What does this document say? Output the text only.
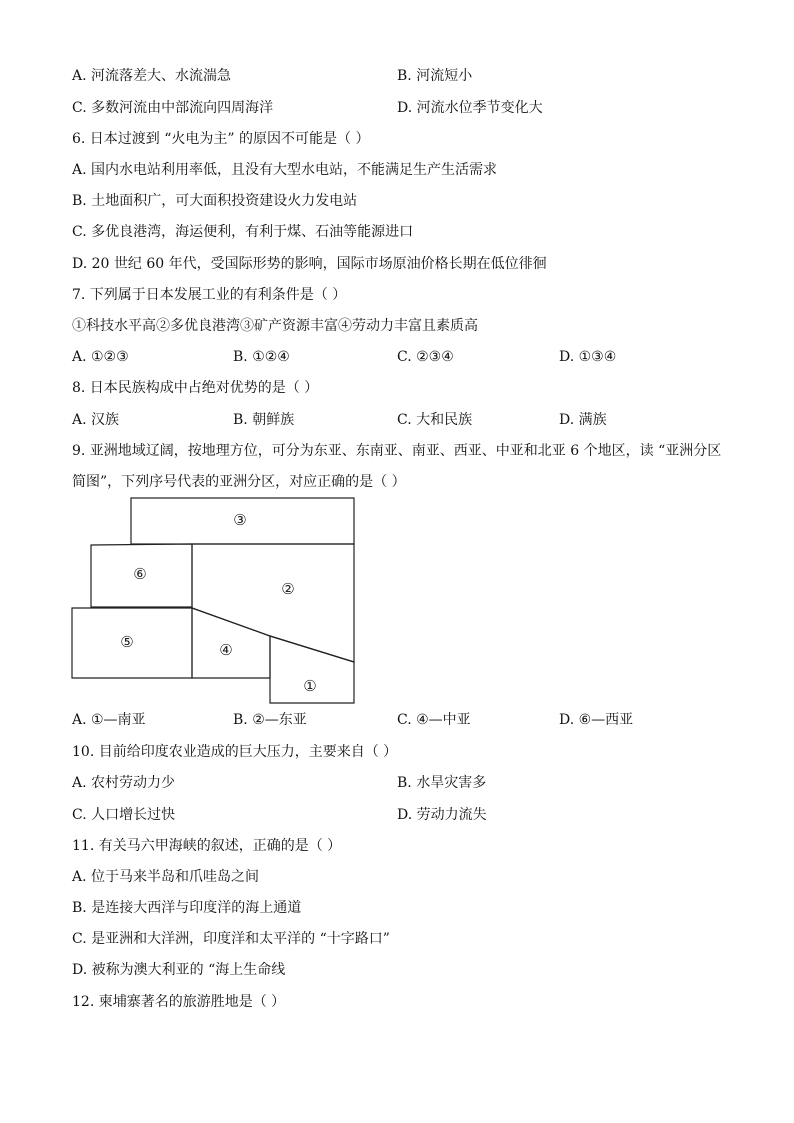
A. 河流落差大、水流湍急	B. 河流短小
C. 多数河流由中部流向四周海洋	D. 河流水位季节变化大
6. 日本过渡到 “火电为主” 的原因不可能是（ ）
A. 国内水电站利用率低，且没有大型水电站，不能满足生产生活需求
B. 土地面积广，可大面积投资建设火力发电站
C. 多优良港湾，海运便利，有利于煤、石油等能源进口
D. 20 世纪 60 年代，受国际形势的影响，国际市场原油价格长期在低位徘徊
7. 下列属于日本发展工业的有利条件是（ ）
①科技水平高②多优良港湾③矿产资源丰富④劳动力丰富且素质高
A. ①②③	B. ①②④	C. ②③④	D. ①③④
8. 日本民族构成中占绝对优势的是（ ）
A. 汉族	B. 朝鲜族	C. 大和民族	D. 满族
9. 亚洲地域辽阔，按地理方位，可分为东亚、东南亚、南亚、西亚、中亚和北亚 6 个地区，读 “亚洲分区
简图”，下列序号代表的亚洲分区，对应正确的是（ ）
③
⑥
②
⑤	④
①
A. ①—南亚	B. ②—东亚	C. ④—中亚	D. ⑥—西亚
10. 目前给印度农业造成的巨大压力，主要来自（ ）
A. 农村劳动力少	B. 水旱灾害多
C. 人口增长过快	D. 劳动力流失
11. 有关马六甲海峡的叙述，正确的是（ ）
A. 位于马来半岛和爪哇岛之间
B. 是连接大西洋与印度洋的海上通道
C. 是亚洲和大洋洲，印度洋和太平洋的 “十字路口”
D. 被称为澳大利亚的 “海上生命线
12. 柬埔寨著名的旅游胜地是（ ）
